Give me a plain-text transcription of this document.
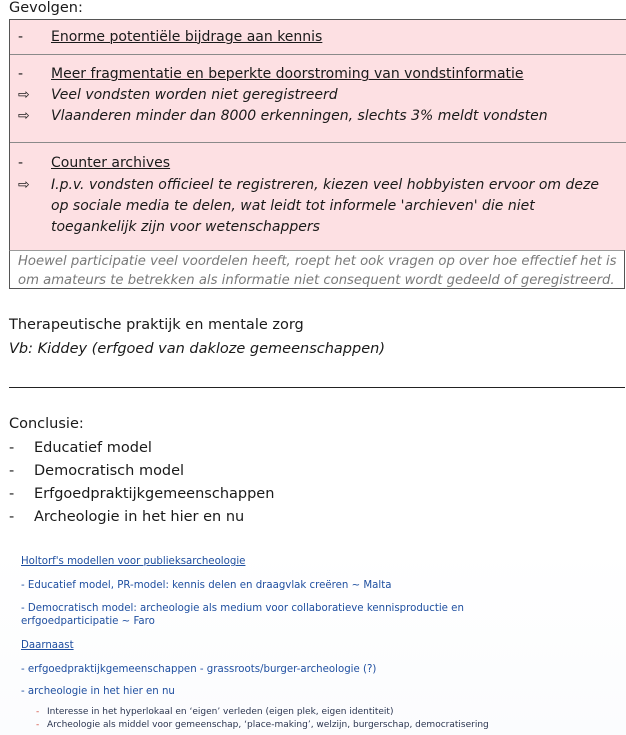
Gevolgen:
- Enorme potentiële bijdrage aan kennis
- Meer fragmentatie en beperkte doorstroming van vondstinformatie
⇨ Veel vondsten worden niet geregistreerd
⇨ Vlaanderen minder dan 8000 erkenningen, slechts 3% meldt vondsten
- Counter archives
⇨ I.p.v. vondsten officieel te registreren, kiezen veel hobbyisten ervoor om deze op sociale media te delen, wat leidt tot informele 'archieven' die niet toegankelijk zijn voor wetenschappers
Hoewel participatie veel voordelen heeft, roept het ook vragen op over hoe effectief het is om amateurs te betrekken als informatie niet consequent wordt gedeeld of geregistreerd.
Therapeutische praktijk en mentale zorg
Vb: Kiddey (erfgoed van dakloze gemeenschappen)
Conclusie:
- Educatief model
- Democratisch model
- Erfgoedpraktijkgemeenschappen
- Archeologie in het hier en nu
Holtorf's modellen voor publieksarcheologie
- Educatief model, PR-model: kennis delen en draagvlak creëren ~ Malta
- Democratisch model: archeologie als medium voor collaboratieve kennisproductie en erfgoedparticipatie ~ Faro
Daarnaast
- erfgoedpraktijkgemeenschappen - grassroots/burger-archeologie (?)
- archeologie in het hier en nu
- Interesse in het hyperlokaal en ‘eigen’ verleden (eigen plek, eigen identiteit)
- Archeologie als middel voor gemeenschap, ‘place-making’, welzijn, burgerschap, democratisering
